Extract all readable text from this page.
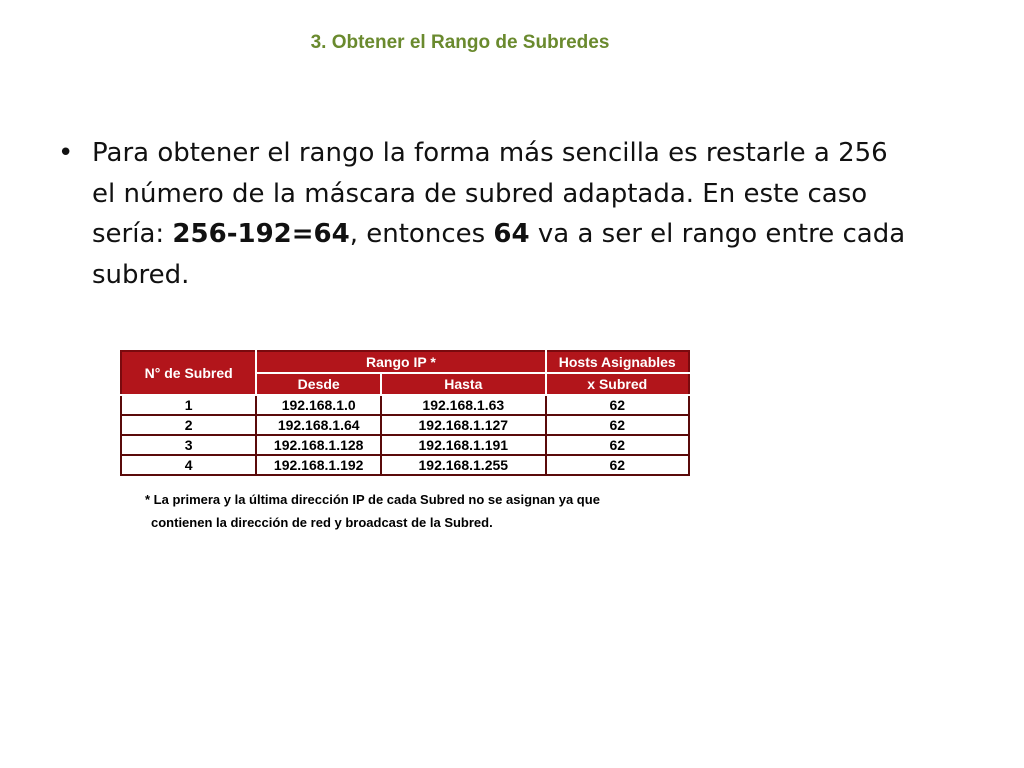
3. Obtener el Rango de Subredes
• Para obtener el rango la forma más sencilla es restarle a 256 el número de la máscara de subred adaptada. En este caso sería: 256-192=64, entonces 64 va a ser el rango entre cada subred.
N° de Subred	Rango IP *		Hosts Asignables
	Desde	Hasta	x Subred
1	192.168.1.0	192.168.1.63	62
2	192.168.1.64	192.168.1.127	62
3	192.168.1.128	192.168.1.191	62
4	192.168.1.192	192.168.1.255	62
* La primera y la última dirección IP de cada Subred no se asignan ya que
contienen la dirección de red y broadcast de la Subred.
